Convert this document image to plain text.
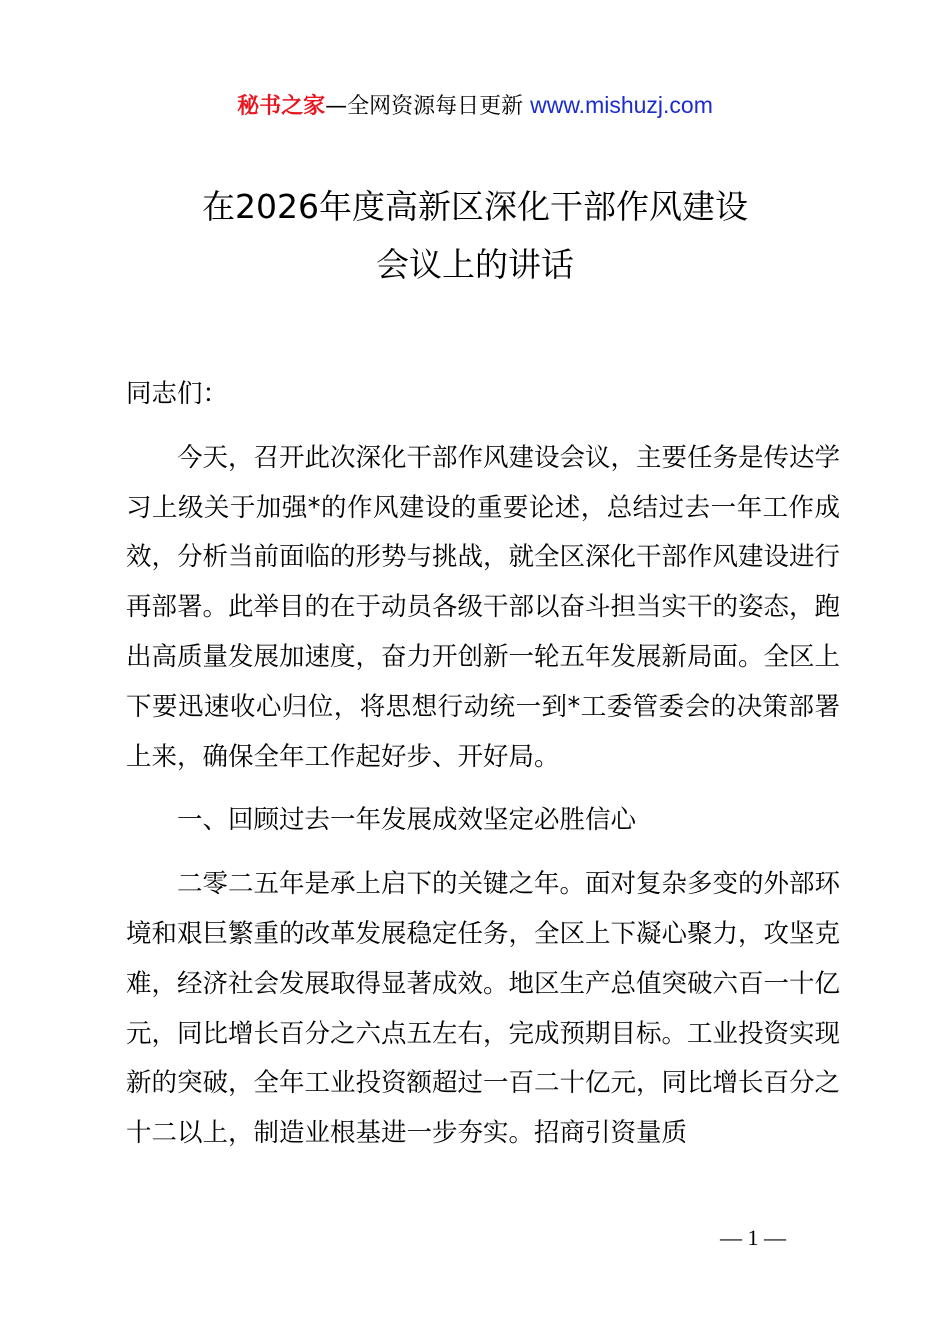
秘书之家—全网资源每日更新 www.mishuzj.com
在2026年度高新区深化干部作风建设
会议上的讲话

同志们：

今天，召开此次深化干部作风建设会议，主要任务是传达学习上级关于加强*的作风建设的重要论述，总结过去一年工作成效，分析当前面临的形势与挑战，就全区深化干部作风建设进行再部署。此举目的在于动员各级干部以奋斗担当实干的姿态，跑出高质量发展加速度，奋力开创新一轮五年发展新局面。全区上下要迅速收心归位，将思想行动统一到*工委管委会的决策部署上来，确保全年工作起好步、开好局。

一、回顾过去一年发展成效坚定必胜信心

二零二五年是承上启下的关键之年。面对复杂多变的外部环境和艰巨繁重的改革发展稳定任务，全区上下凝心聚力，攻坚克难，经济社会发展取得显著成效。地区生产总值突破六百一十亿元，同比增长百分之六点五左右，完成预期目标。工业投资实现新的突破，全年工业投资额超过一百二十亿元，同比增长百分之十二以上，制造业根基进一步夯实。招商引资量质

— 1 —
